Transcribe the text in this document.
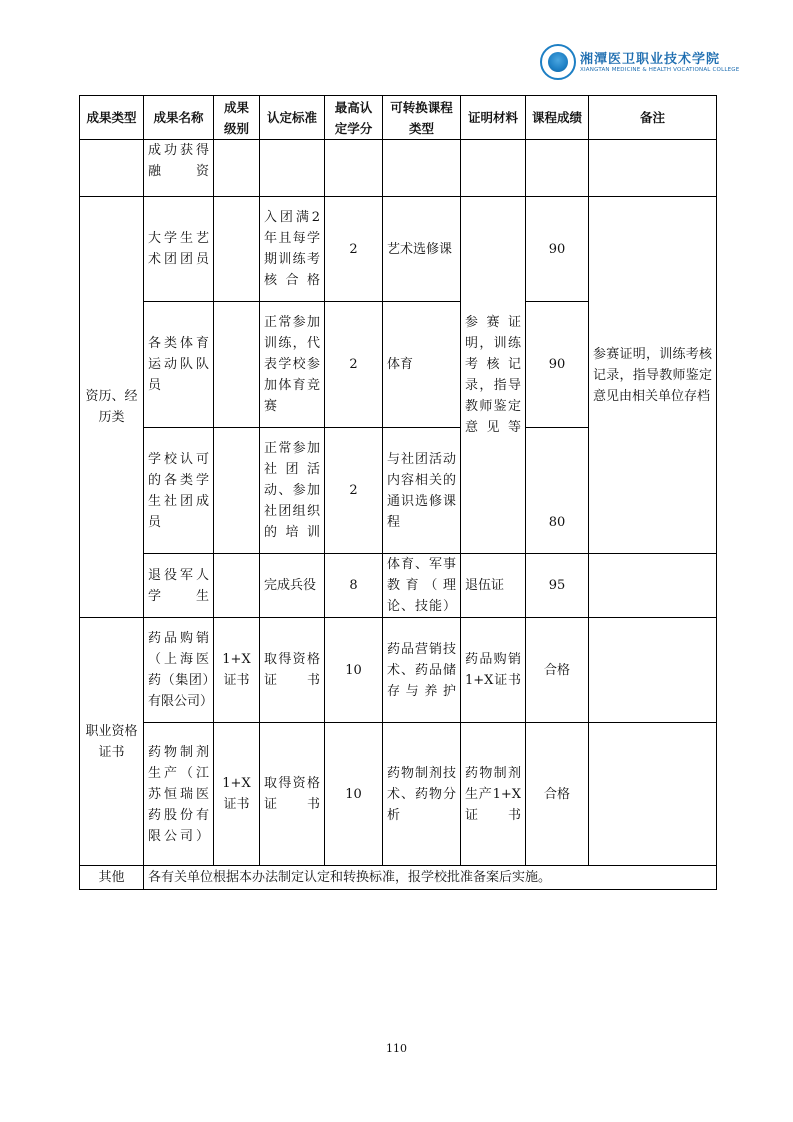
湘潭医卫职业技术学院
XIANGTAN MEDICINE & HEALTH VOCATIONAL COLLEGE
成果类型	成果名称	成果级别	认定标准	最高认定学分	可转换课程类型	证明材料	课程成绩	备注
	成功获得融资							
资历、经历类	大学生艺术团团员		入团满2年且每学期训练考核合格	2	艺术选修课	参赛证明，训练考核记录，指导教师鉴定意见等	90	参赛证明，训练考核记录，指导教师鉴定意见由相关单位存档
	各类体育运动队队员		正常参加训练，代表学校参加体育竞赛	2	体育		90	
	学校认可的各类学生社团成员		正常参加社团活动、参加社团组织的培训	2	与社团活动内容相关的通识选修课程		80	
	退役军人学生		完成兵役	8	体育、军事教育（理论、技能）	退伍证	95	
职业资格证书	药品购销（上海医药（集团）有限公司）	1+X证书	取得资格证书	10	药品营销技术、药品储存与养护	药品购销 1+X证书	合格	
	药物制剂生产（江苏恒瑞医药股份有限公司）	1+X证书	取得资格证书	10	药物制剂技术、药物分析	药物制剂生产1+X 证书	合格	
其他	各有关单位根据本办法制定认定和转换标准，报学校批准备案后实施。							
110
